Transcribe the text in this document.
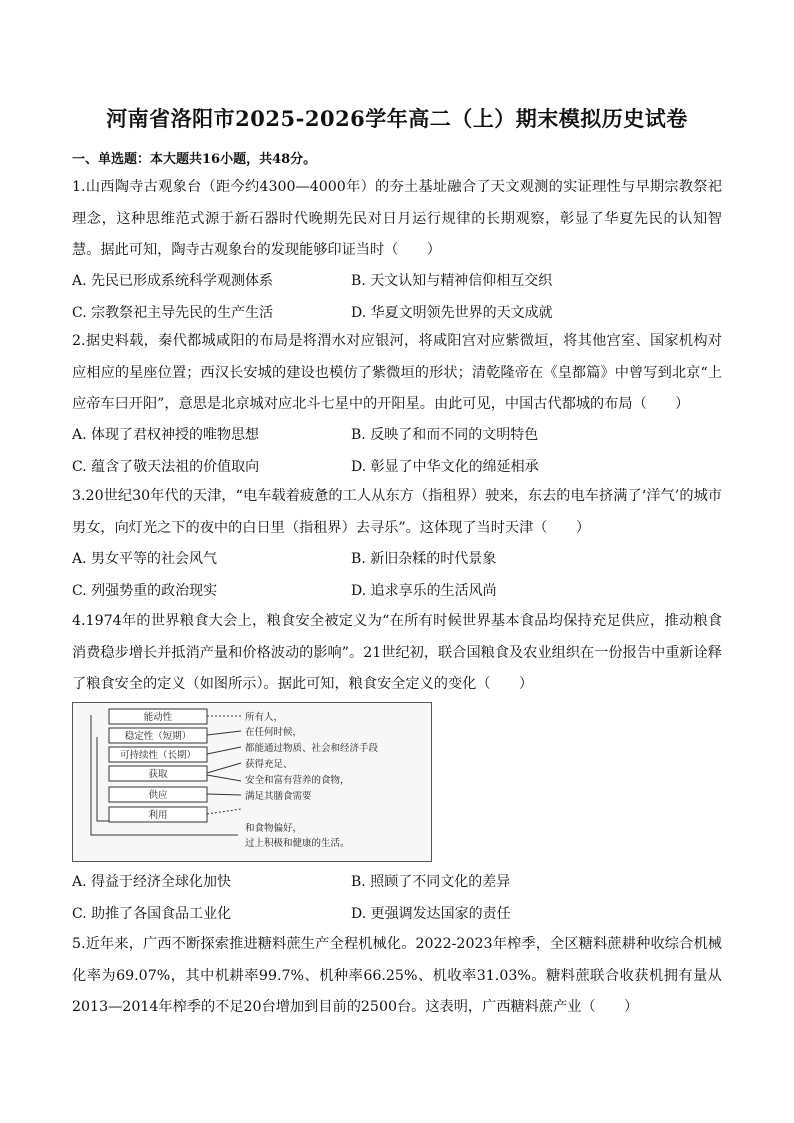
河南省洛阳市2025-2026学年高二（上）期末模拟历史试卷
一、单选题：本大题共16小题，共48分。
1.山西陶寺古观象台（距今约4300—4000年）的夯土基址融合了天文观测的实证理性与早期宗教祭祀理念，这种思维范式源于新石器时代晚期先民对日月运行规律的长期观察，彰显了华夏先民的认知智慧。据此可知，陶寺古观象台的发现能够印证当时（　　）
A. 先民已形成系统科学观测体系	B. 天文认知与精神信仰相互交织
C. 宗教祭祀主导先民的生产生活	D. 华夏文明领先世界的天文成就
2.据史料载，秦代都城咸阳的布局是将渭水对应银河，将咸阳宫对应紫微垣，将其他宫室、国家机构对应相应的星座位置；西汉长安城的建设也模仿了紫微垣的形状；清乾隆帝在《皇都篇》中曾写到北京“上应帝车曰开阳”，意思是北京城对应北斗七星中的开阳星。由此可见，中国古代都城的布局（　　）
A. 体现了君权神授的唯物思想	B. 反映了和而不同的文明特色
C. 蕴含了敬天法祖的价值取向	D. 彰显了中华文化的绵延相承
3.20世纪30年代的天津，“电车载着疲惫的工人从东方（指租界）驶来，东去的电车挤满了‘洋气’的城市男女，向灯光之下的夜中的白日里（指租界）去寻乐”。这体现了当时天津（　　）
A. 男女平等的社会风气	B. 新旧杂糅的时代景象
C. 列强势重的政治现实	D. 追求享乐的生活风尚
4.1974年的世界粮食大会上，粮食安全被定义为“在所有时候世界基本食品均保持充足供应，推动粮食消费稳步增长并抵消产量和价格波动的影响”。21世纪初，联合国粮食及农业组织在一份报告中重新诠释了粮食安全的定义（如图所示）。据此可知，粮食安全定义的变化（　　）
能动性
稳定性（短期）
可持续性（长期）
获取
供应
利用
所有人，
在任何时候，
都能通过物质、社会和经济手段
获得充足、
安全和富有营养的食物，
满足其膳食需要
和食物偏好，
过上积极和健康的生活。
A. 得益于经济全球化加快	B. 照顾了不同文化的差异
C. 助推了各国食品工业化	D. 更强调发达国家的责任
5.近年来，广西不断探索推进糖料蔗生产全程机械化。2022-2023年榨季，全区糖料蔗耕种收综合机械化率为69.07%，其中机耕率99.7%、机种率66.25%、机收率31.03%。糖料蔗联合收获机拥有量从2013—2014年榨季的不足20台增加到目前的2500台。这表明，广西糖料蔗产业（　　）
